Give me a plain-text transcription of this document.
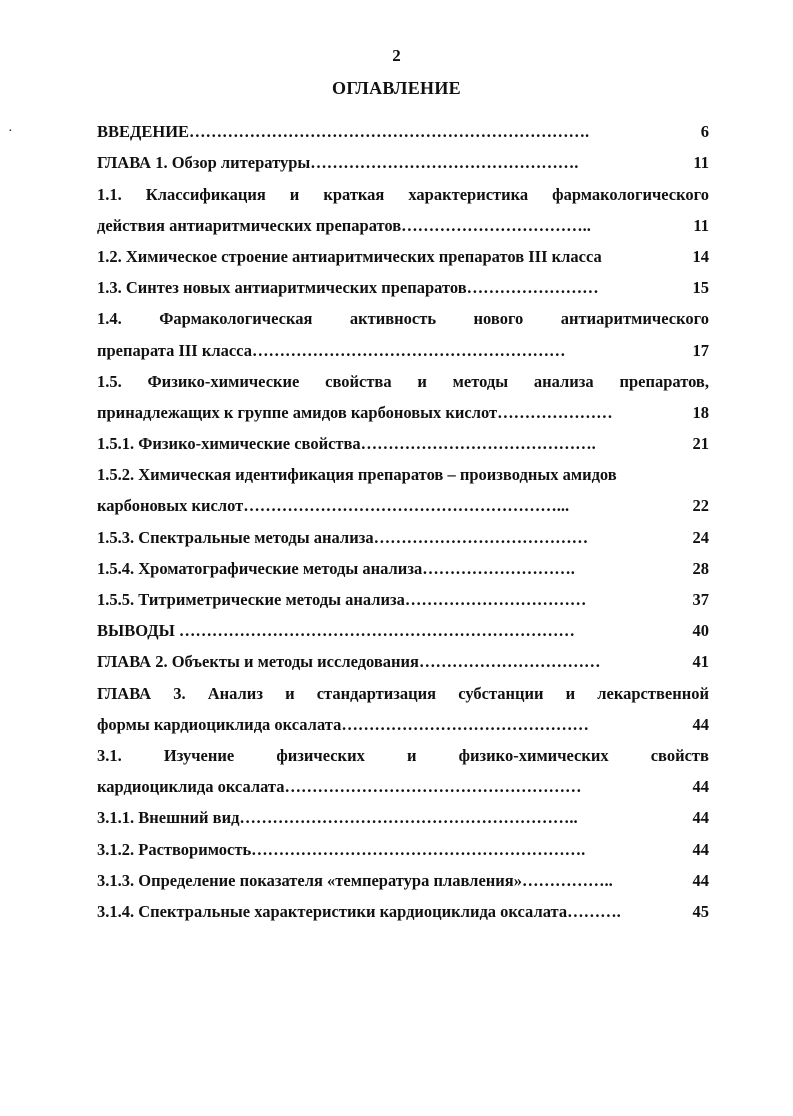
2
ОГЛАВЛЕНИЕ
·	ВВЕДЕНИЕ……………………………………………………………….	6
ГЛАВА 1. Обзор литературы………………………………………….	11
1.1. Классификация и краткая характеристика фармакологического
действия антиаритмических препаратов……………………………..	11
1.2. Химическое строение антиаритмических препаратов III класса	14
1.3. Синтез новых антиаритмических препаратов……………………	15
1.4. Фармакологическая активность нового антиаритмического
препарата III класса…………………………………………………	17
1.5. Физико-химические свойства и методы анализа препаратов,
принадлежащих к группе амидов карбоновых кислот…………………	18
1.5.1. Физико-химические свойства…………………………………….	21
1.5.2. Химическая идентификация препаратов – производных амидов
карбоновых кислот…………………………………………………...	22
1.5.3. Спектральные методы анализа…………………………………	24
1.5.4. Хроматографические методы анализа……………………….	28
1.5.5. Титриметрические методы анализа……………………………	37
ВЫВОДЫ ………………………………………………………………	40
ГЛАВА 2. Объекты и методы исследования……………………………	41
ГЛАВА 3. Анализ и стандартизация субстанции и лекарственной
формы кардиоциклида оксалата………………………………………	44
3.1.	Изучение	физических	и	физико-химических	свойств
кардиоциклида оксалата………………………………………………	44
3.1.1. Внешний вид……………………………………………………..	44
3.1.2. Растворимость…………………………………………………….	44
3.1.3. Определение показателя «температура плавления»……………..	44
3.1.4. Спектральные характеристики кардиоциклида оксалата……….	45
